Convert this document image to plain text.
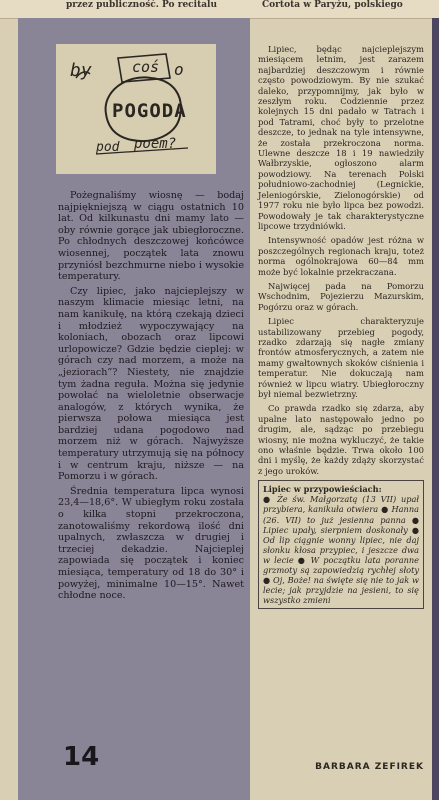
przez publiczność. Po recitalu	Cortota w Paryżu, polskiego
by	coś o
POGODA
pod poem?

Pożegnaliśmy wiosnę — bodaj najpiękniejszą w ciągu ostatnich 10 lat. Od kilkunastu dni mamy lato — oby równie gorące jak ubiegłoroczne. Po chłodnych deszczowej końcówce wiosennej, początek lata znowu przyniósł bezchmurne niebo i wysokie temperatury.

Czy lipiec, jako najcieplejszy w naszym klimacie miesiąc letni, na nam kanikułę, na którą czekają dzieci i młodzież wypoczywający na koloniach, obozach oraz lipcowi urlopowicze? Gdzie będzie cieplej: w górach czy nad morzem, a może na „jeziorach”? Niestety, nie znajdzie tym żadna reguła. Można się jedynie powołać na wieloletnie obserwacje analogów, z których wynika, że pierwsza połowa miesiąca jest bardziej udana pogodowo nad morzem niż w górach. Najwyższe temperatury utrzymują się na północy i w centrum kraju, niższe — na Pomorzu i w górach.

Średnia temperatura lipca wynosi 23,4—18,6°. W ubiegłym roku została o kilka stopni przekroczona, zanotowaliśmy rekordową ilość dni upalnych, zwłaszcza w drugiej i trzeciej dekadzie. Najcieplej zapowiada się początek i koniec miesiąca, temperatury od 18 do 30° i powyżej, minimalne 10—15°. Nawet chłodne noce.

14

Lipiec, będąc najcieplejszym miesiącem letnim, jest zarazem najbardziej deszczowym i równie często powodziowym. By nie szukać daleko, przypomnijmy, jak było w zeszłym roku. Codziennie przez kolejnych 15 dni padało w Tatrach i pod Tatrami, choć były to przelotne deszcze, to jednak na tyle intensywne, że została przekroczona norma. Ulewne deszcze 18 i 19 nawiedziły Wałbrzyskie, ogłoszono alarm powodziowy. Na terenach Polski południowo-zachodniej (Legnickie, Jeleniogórskie, Zielonogórskie) od 1977 roku nie było lipca bez powodzi. Powodowały je tak charakterystyczne lipcowe trzydniówki.

Intensywność opadów jest różna w poszczególnych regionach kraju, toteż norma ogólnokrajowa 60—84 mm może być lokalnie przekraczana.

Najwięcej pada na Pomorzu Wschodnim, Pojezierzu Mazurskim, Pogórzu oraz w górach.

Lipiec charakteryzuje ustabilizowany przebieg pogody, rzadko zdarzają się nagłe zmiany frontów atmosferycznych, a zatem nie mamy gwałtownych skoków ciśnienia i temperatur. Nie dokuczają nam również w lipcu wiatry. Ubiegłoroczny był niemal bezwietrzny.

Co prawda rzadko się zdarza, aby upalne lato następowało jedno po drugim, ale, sądząc po przebiegu wiosny, nie można wykluczyć, że takie ono właśnie będzie. Trwa około 100 dni i myślę, że każdy zdąży skorzystać z jego uroków.

Lipiec w przypowieściach:
● Że św. Małgorzatą (13 VII) upał przybiera, kanikuła otwiera ● Hanna (26. VII) to już jesienna panna ● Lipiec upały, sierpniem doskonały ● Od lip ciągnie wonny lipiec, nie daj słonku kłosa przypiec, i jeszcze dwa w lecie ● W początku lata poranne grzmoty są zapowiedzią rychłej słoty ● Oj, Boże! na święte się nie to jak w lecie; jak przyjdzie na jesieni, to się wszystko zmieni
BARBARA ZEFIREK
